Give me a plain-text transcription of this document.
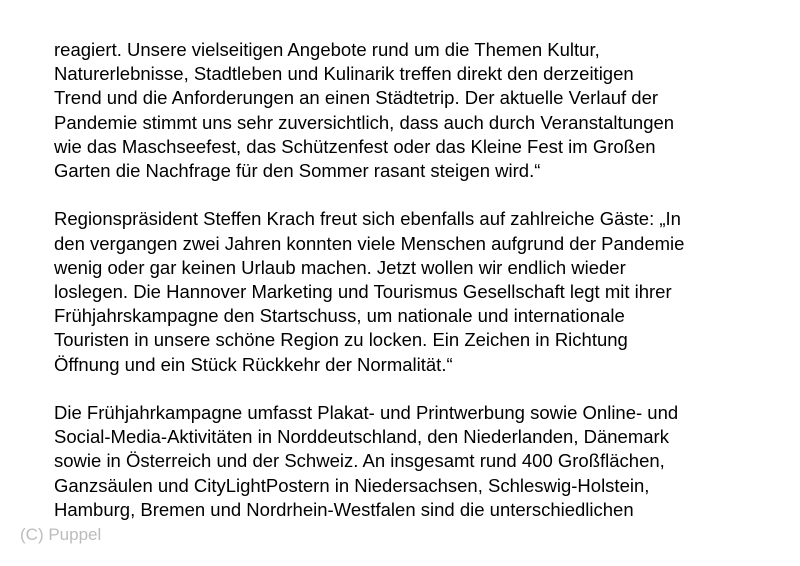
reagiert. Unsere vielseitigen Angebote rund um die Themen Kultur,
Naturerlebnisse, Stadtleben und Kulinarik treffen direkt den derzeitigen
Trend und die Anforderungen an einen Städtetrip. Der aktuelle Verlauf der
Pandemie stimmt uns sehr zuversichtlich, dass auch durch Veranstaltungen
wie das Maschseefest, das Schützenfest oder das Kleine Fest im Großen
Garten die Nachfrage für den Sommer rasant steigen wird.“
Regionspräsident Steffen Krach freut sich ebenfalls auf zahlreiche Gäste: „In
den vergangen zwei Jahren konnten viele Menschen aufgrund der Pandemie
wenig oder gar keinen Urlaub machen. Jetzt wollen wir endlich wieder
loslegen. Die Hannover Marketing und Tourismus Gesellschaft legt mit ihrer
Frühjahrskampagne den Startschuss, um nationale und internationale
Touristen in unsere schöne Region zu locken. Ein Zeichen in Richtung
Öffnung und ein Stück Rückkehr der Normalität.“
Die Frühjahrkampagne umfasst Plakat- und Printwerbung sowie Online- und
Social-Media-Aktivitäten in Norddeutschland, den Niederlanden, Dänemark
sowie in Österreich und der Schweiz. An insgesamt rund 400 Großflächen,
Ganzsäulen und CityLightPostern in Niedersachsen, Schleswig-Holstein,
Hamburg, Bremen und Nordrhein-Westfalen sind die unterschiedlichen
(C) Puppel
